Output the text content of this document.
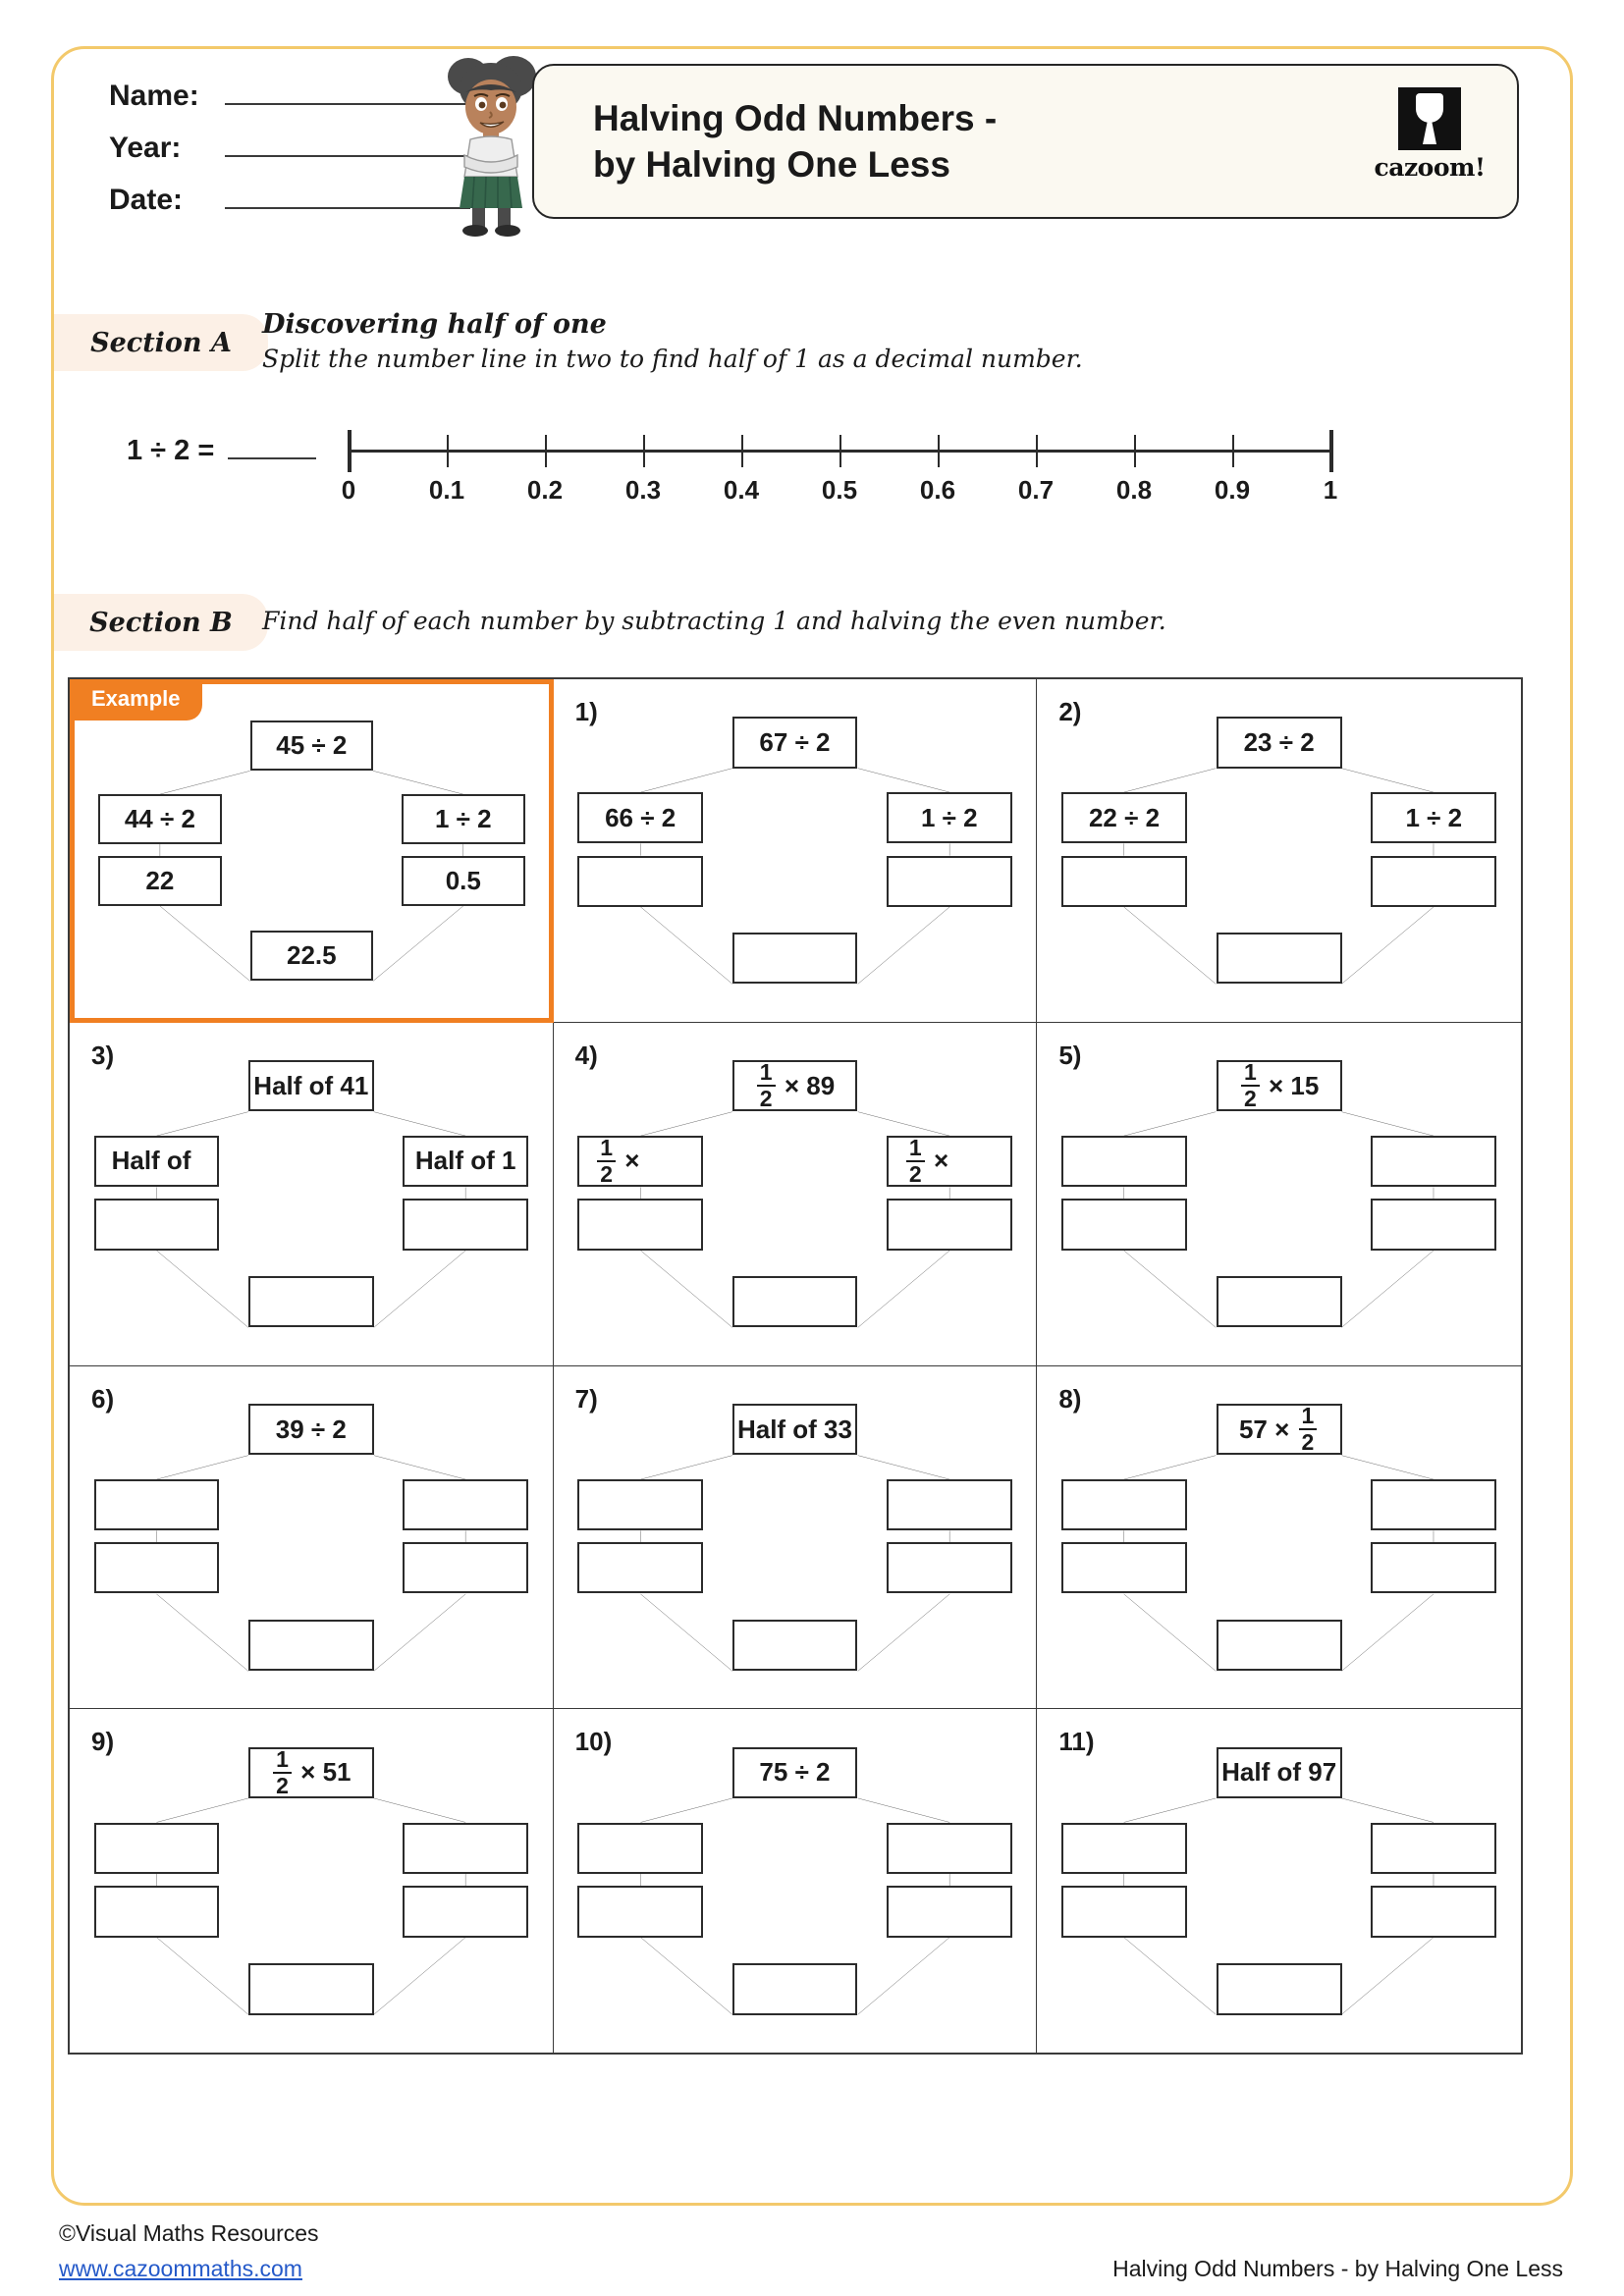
Name:
Year:
Date:
Halving Odd Numbers -
by Halving One Less	cazoom!
Section A
Discovering half of one
Split the number line in two to find half of 1 as a decimal number.
1 ÷ 2 =
0	0.1 0.2 0.3 0.4 0.5 0.6 0.7 0.8 0.9	1
Section B Find half of each number by subtracting 1 and halving the even number.
Example
45 ÷ 2
44 ÷ 2	1 ÷ 2
22	0.5
22.5
1)
67 ÷ 2
66 ÷ 2	1 ÷ 2
2)
23 ÷ 2
22 ÷ 2	1 ÷ 2
3)
Half of 41
Half of	Half of 1
4)
$\frac{1}{2}$
× 89
$\frac{1}{2}$
×	$\frac{1}{2}$
×
5)
$\frac{1}{2}$
× 15
6)
39 ÷ 2
7)
Half of 33
8)
57 ×
$\frac{1}{2}$
9)
$\frac{1}{2}$
× 51
10)
75 ÷ 2
11)
Half of 97
©Visual Maths Resources
www.cazoommaths.com	Halving Odd Numbers - by Halving One Less
